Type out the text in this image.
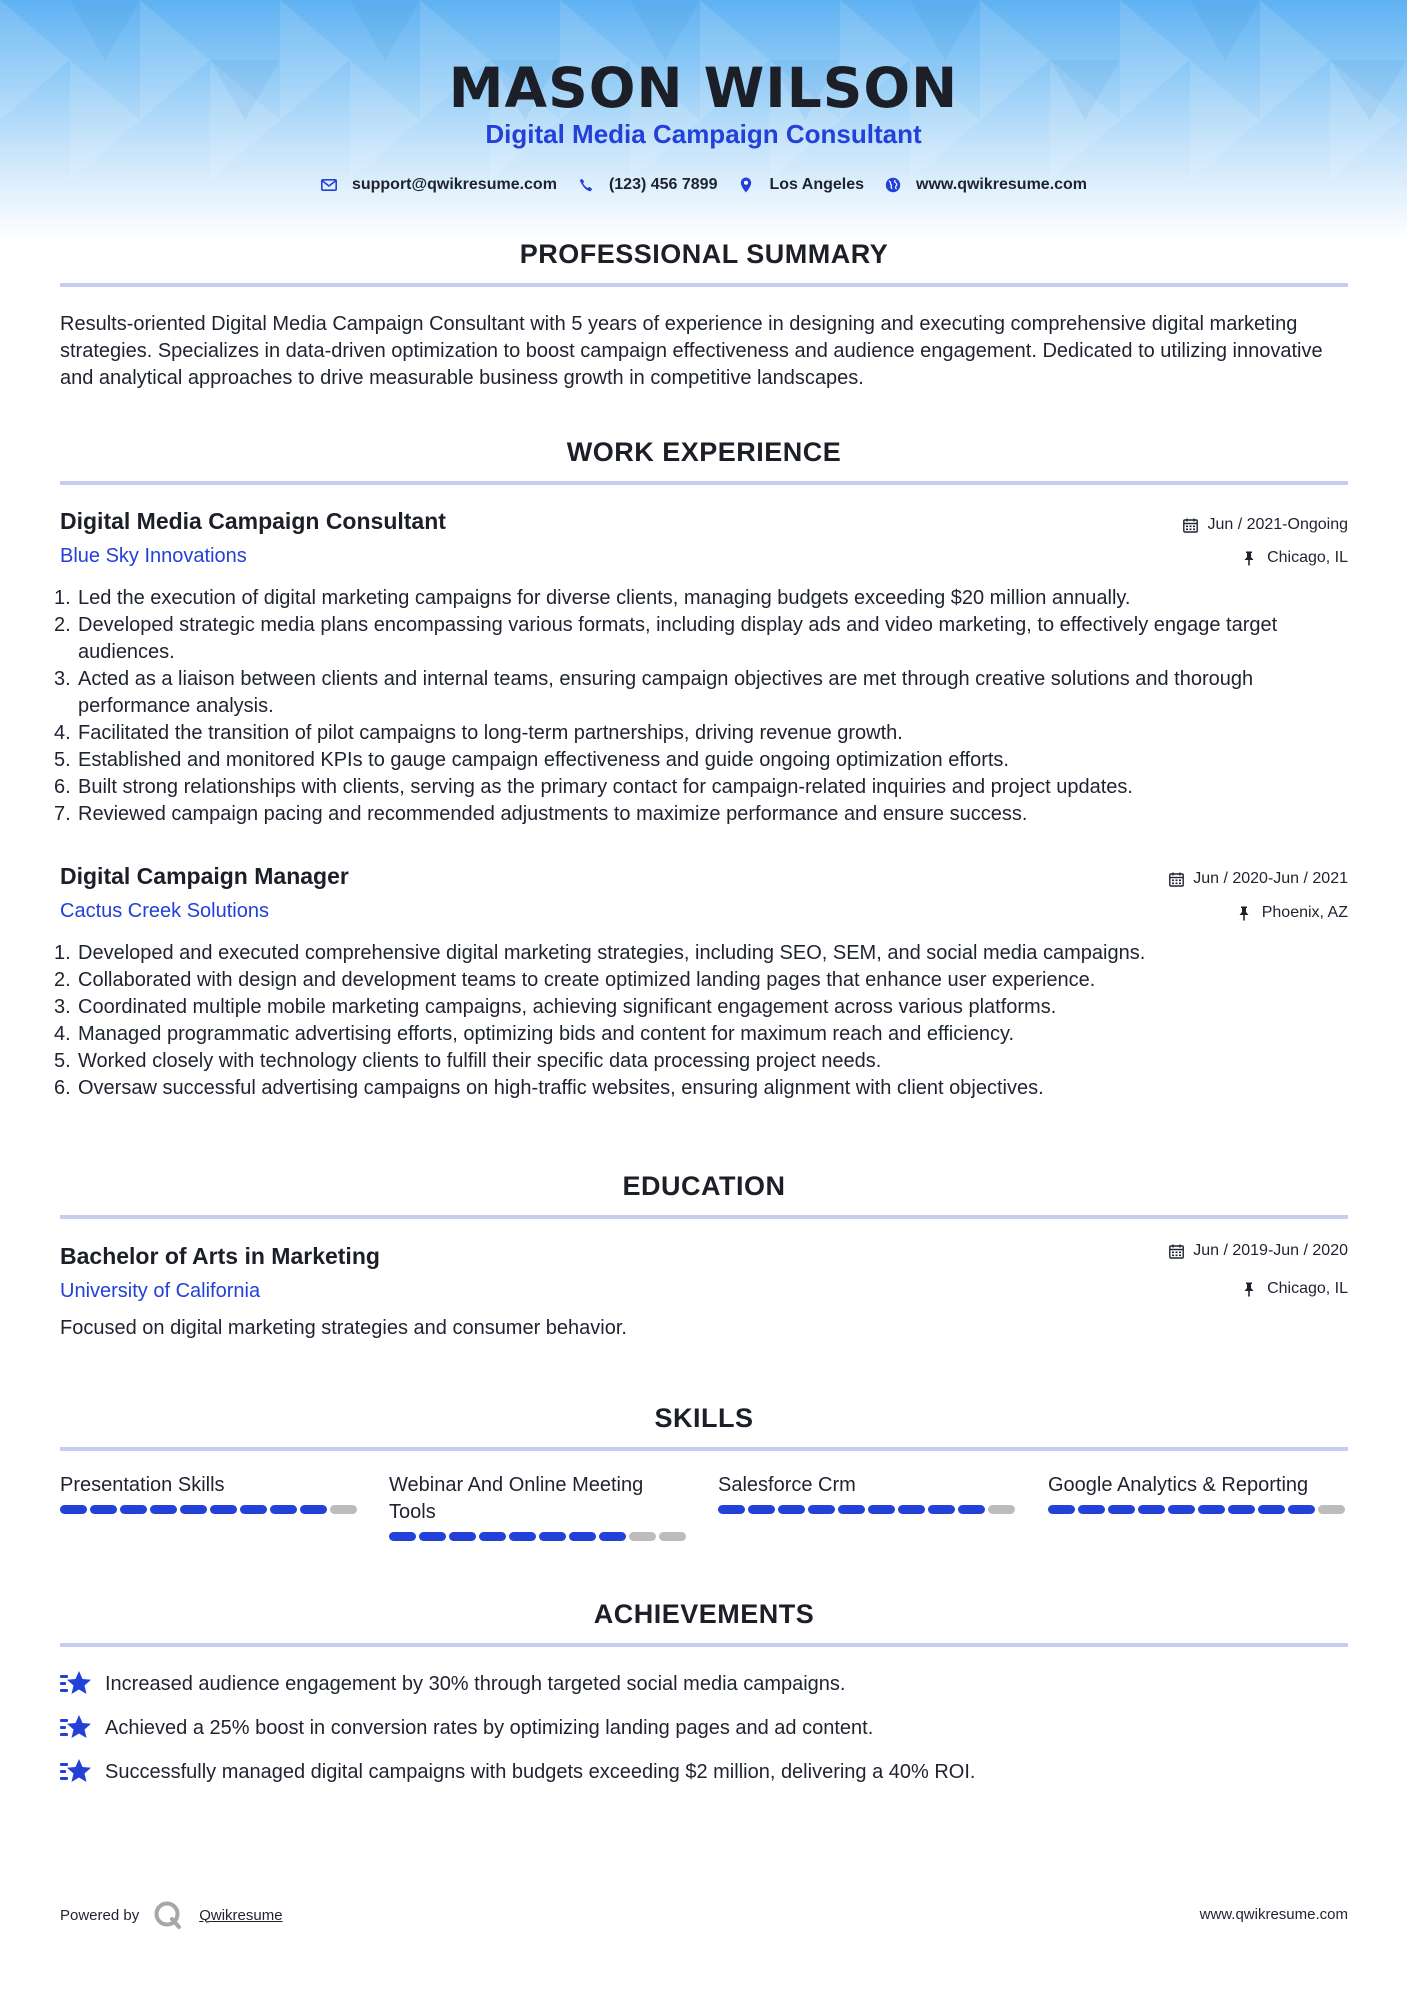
MASON WILSON
Digital Media Campaign Consultant
support@qwikresume.com	(123) 456 7899	Los Angeles	www.qwikresume.com
PROFESSIONAL SUMMARY
Results-oriented Digital Media Campaign Consultant with 5 years of experience in designing and executing comprehensive digital marketing strategies. Specializes in data-driven optimization to boost campaign effectiveness and audience engagement. Dedicated to utilizing innovative and analytical approaches to drive measurable business growth in competitive landscapes.
WORK EXPERIENCE
Digital Media Campaign Consultant	Jun / 2021-Ongoing
Blue Sky Innovations	Chicago, IL
1. Led the execution of digital marketing campaigns for diverse clients, managing budgets exceeding $20 million annually.
2. Developed strategic media plans encompassing various formats, including display ads and video marketing, to effectively engage target audiences.
3. Acted as a liaison between clients and internal teams, ensuring campaign objectives are met through creative solutions and thorough performance analysis.
4. Facilitated the transition of pilot campaigns to long-term partnerships, driving revenue growth.
5. Established and monitored KPIs to gauge campaign effectiveness and guide ongoing optimization efforts.
6. Built strong relationships with clients, serving as the primary contact for campaign-related inquiries and project updates.
7. Reviewed campaign pacing and recommended adjustments to maximize performance and ensure success.
Digital Campaign Manager	Jun / 2020-Jun / 2021
Cactus Creek Solutions	Phoenix, AZ
1. Developed and executed comprehensive digital marketing strategies, including SEO, SEM, and social media campaigns.
2. Collaborated with design and development teams to create optimized landing pages that enhance user experience.
3. Coordinated multiple mobile marketing campaigns, achieving significant engagement across various platforms.
4. Managed programmatic advertising efforts, optimizing bids and content for maximum reach and efficiency.
5. Worked closely with technology clients to fulfill their specific data processing project needs.
6. Oversaw successful advertising campaigns on high-traffic websites, ensuring alignment with client objectives.
EDUCATION
Bachelor of Arts in Marketing	Jun / 2019-Jun / 2020
University of California	Chicago, IL
Focused on digital marketing strategies and consumer behavior.
SKILLS
Presentation Skills	Webinar And Online Meeting Tools
Salesforce Crm	Google Analytics & Reporting
ACHIEVEMENTS
Increased audience engagement by 30% through targeted social media campaigns.
Achieved a 25% boost in conversion rates by optimizing landing pages and ad content.
Successfully managed digital campaigns with budgets exceeding $2 million, delivering a 40% ROI.
Powered by	Qwikresume	www.qwikresume.com
